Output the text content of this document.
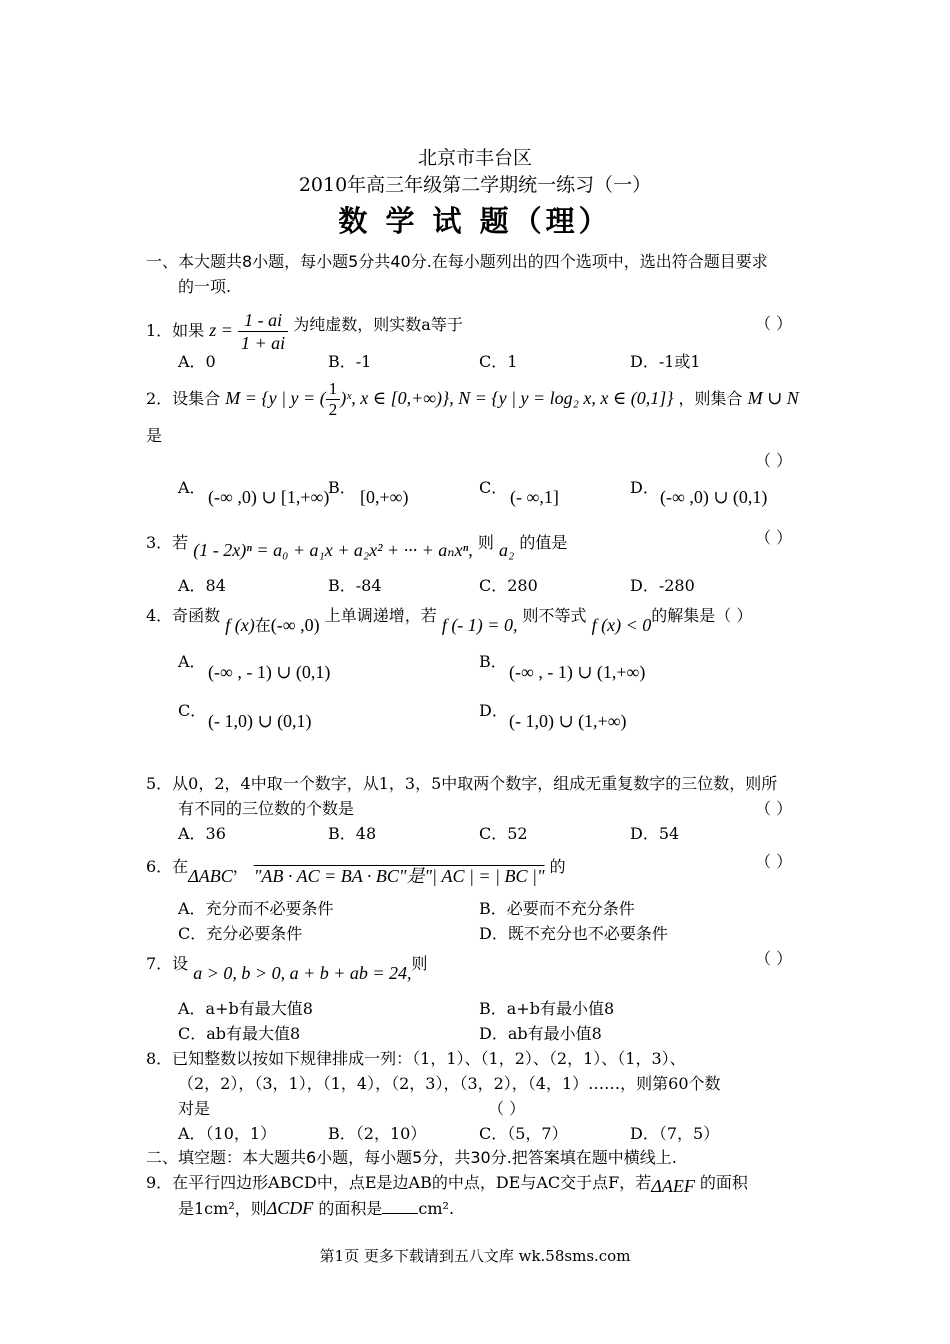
北京市丰台区
2010年高三年级第二学期统一练习（一）
数 学 试 题（理）
一、本大题共8小题，每小题5分共40分.在每小题列出的四个选项中，选出符合题目要求
的一项.
1．如果 $z = \frac{1 - ai}{1 + ai}$ 为纯虚数，则实数a等于	（ ）
A．0	B．-1	C．1	D．-1或1
2．设集合 M = {y | y = ( $\frac{1}{2}$ )ˣ, x ∈ [0,+∞)}, N = {y | y = log₂ x, x ∈ (0,1]} ，则集合 M ∪ N
是
（ ）
A． (-∞ ,0) ∪ [1,+∞)
B． [0,+∞)	C． (- ∞,1]	D． (-∞ ,0) ∪ (0,1)
3．若 (1 - 2x)ⁿ = a₀ + a₁x + a₂x² + ··· + aₙxⁿ, 则 a₂ 的值是	（ ）
A．84	B．-84	C．280	D．-280
4．奇函数 f (x)在(-∞ ,0) 上单调递增，若 f (- 1) = 0, 则不等式 f (x) < 0的解集是（ ）
A．
(-∞ , - 1) ∪ (0,1)
B．
(-∞ , - 1) ∪ (1,+∞)
C．
(- 1,0) ∪ (0,1)
D．
(- 1,0) ∪ (1,+∞)
5．从0，2，4中取一个数字，从1，3，5中取两个数字，组成无重复数字的三位数，则所
有不同的三位数的个数是	（ ）
A．36	B．48	C．52	D．54
6．在ΔABC， "AB · AC = BA · BC"是"| AC | = | BC |" 的	（ ）
A．充分而不必要条件	B．必要而不充分条件
C．充分必要条件	D．既不充分也不必要条件
7．设 a > 0, b > 0, a + b + ab = 24,则	（ ）
A．a+b有最大值8	B．a+b有最小值8
C．ab有最大值8	D．ab有最小值8
8．已知整数以按如下规律排成一列：（1，1）、（1，2）、（2，1）、（1，3）、
（2，2），（3，1），（1，4），（2，3），（3，2），（4，1）……，则第60个数
对是	（ ）
A．（10，1）	B．（2，10）	C．（5，7）	D．（7，5）
二、填空题：本大题共6小题，每小题5分，共30分.把答案填在题中横线上.
9．在平行四边形ABCD中，点E是边AB的中点，DE与AC交于点F，若ΔAEF 的面积
是1cm²，则ΔCDF 的面积是 cm².
第1页 更多下载请到五八文库 wk.58sms.com
